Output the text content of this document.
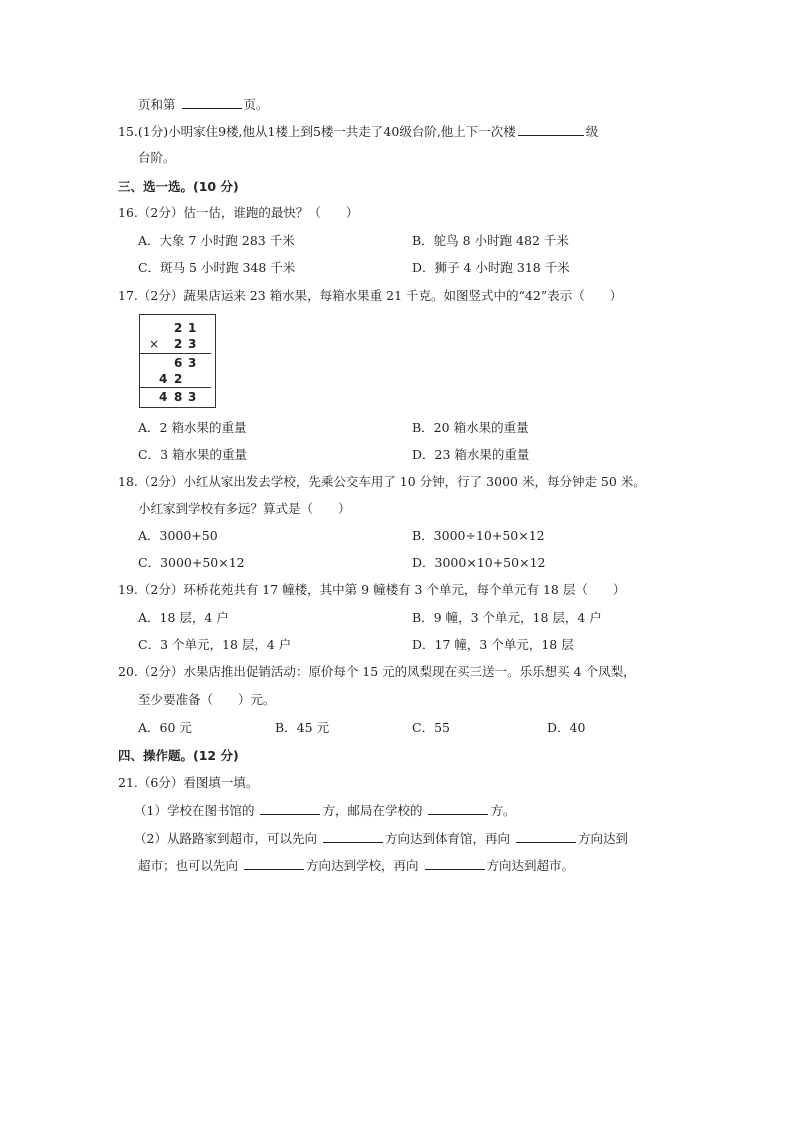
页和第	页。
15.(1分)小明家住9楼,他从1楼上到5楼一共走了40级台阶,他上下一次楼	级
台阶。
三、选一选。(10 分)
16.（2分）估一估，谁跑的最快？（　　）
A．大象 7 小时跑 283 千米	B．鸵鸟 8 小时跑 482 千米
C．斑马 5 小时跑 348 千米	D．狮子 4 小时跑 318 千米
17.（2分）蔬果店运来 23 箱水果，每箱水果重 21 千克。如图竖式中的“42”表示（　　）
2 1
× 2 3
6 3
4 2
4 8 3
A．2 箱水果的重量	B．20 箱水果的重量
C．3 箱水果的重量	D．23 箱水果的重量
18.（2分）小红从家出发去学校，先乘公交车用了 10 分钟，行了 3000 米，每分钟走 50 米。
小红家到学校有多远？算式是（　　）
A．3000+50	B．3000÷10+50×12
C．3000+50×12	D．3000×10+50×12
19.（2分）环桥花苑共有 17 幢楼，其中第 9 幢楼有 3 个单元，每个单元有 18 层（　　）
A．18 层，4 户	B．9 幢，3 个单元，18 层，4 户
C．3 个单元，18 层，4 户	D．17 幢，3 个单元，18 层
20.（2分）水果店推出促销活动：原价每个 15 元的凤梨现在买三送一。乐乐想买 4 个凤梨，
至少要准备（　　）元。
A．60 元	B．45 元	C．55	D．40
四、操作题。(12 分)
21.（6分）看图填一填。
（1）学校在图书馆的	方，邮局在学校的	方。
（2）从路路家到超市，可以先向	方向达到体育馆，再向	方向达到
超市；也可以先向	方向达到学校，再向	方向达到超市。
